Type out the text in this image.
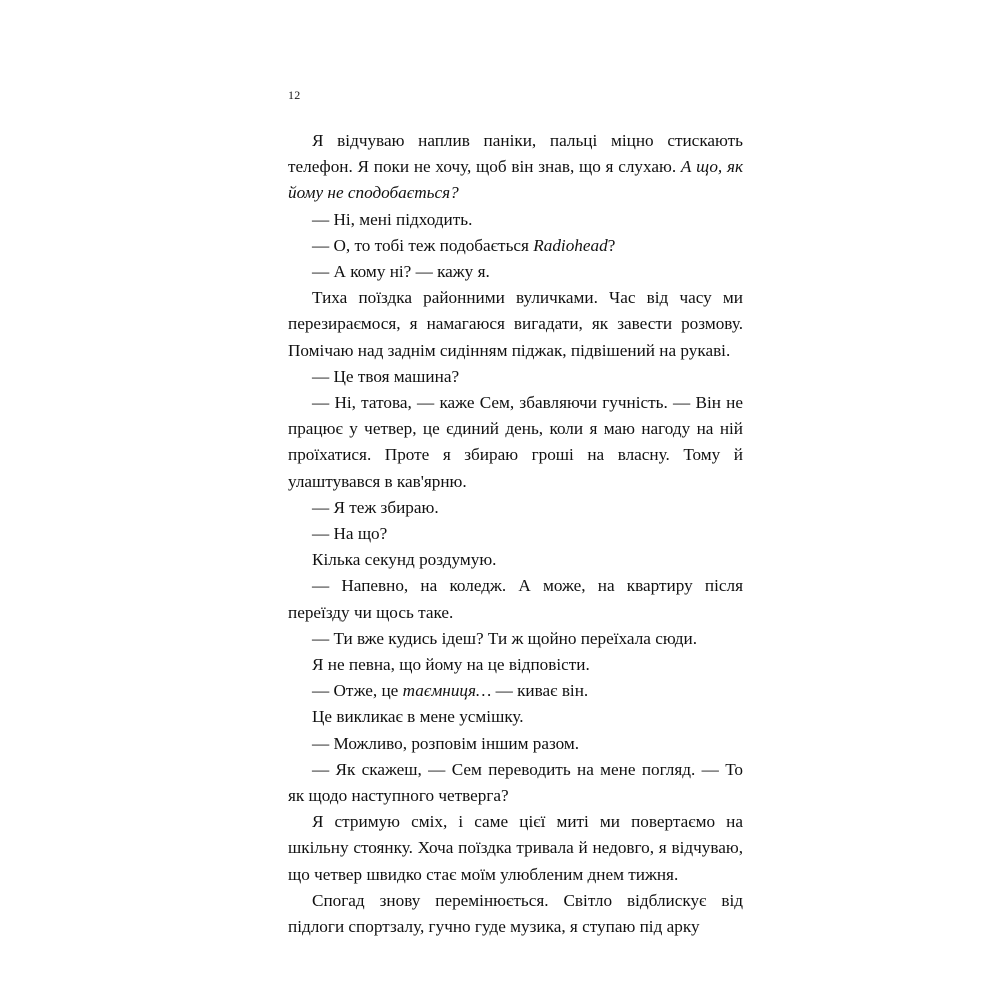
12

Я відчуваю наплив паніки, пальці міцно стискають телефон. Я поки не хочу, щоб він знав, що я слухаю. А що, як йому не сподобається?

— Ні, мені підходить.

— О, то тобі теж подобається Radiohead?

— А кому ні? — кажу я.

Тиха поїздка районними вуличками. Час від часу ми перезираємося, я намагаюся вигадати, як завести розмову. Помічаю над заднім сидінням піджак, підвішений на рукаві.

— Це твоя машина?

— Ні, татова, — каже Сем, збавляючи гучність. — Він не працює у четвер, це єдиний день, коли я маю нагоду на ній проїхатися. Проте я збираю гроші на власну. Тому й улаштувався в кав'ярню.

— Я теж збираю.

— На що?

Кілька секунд роздумую.

— Напевно, на коледж. А може, на квартиру після переїзду чи щось таке.

— Ти вже кудись ідеш? Ти ж щойно переїхала сюди.

Я не певна, що йому на це відповісти.

— Отже, це таємниця… — киває він.

Це викликає в мене усмішку.

— Можливо, розповім іншим разом.

— Як скажеш, — Сем переводить на мене погляд. — То як щодо наступного четверга?

Я стримую сміх, і саме цієї миті ми повертаємо на шкільну стоянку. Хоча поїздка тривала й недовго, я відчуваю, що четвер швидко стає моїм улюбленим днем тижня.

Спогад знову перемінюється. Світло відблискує від підлоги спортзалу, гучно гуде музика, я ступаю під арку
